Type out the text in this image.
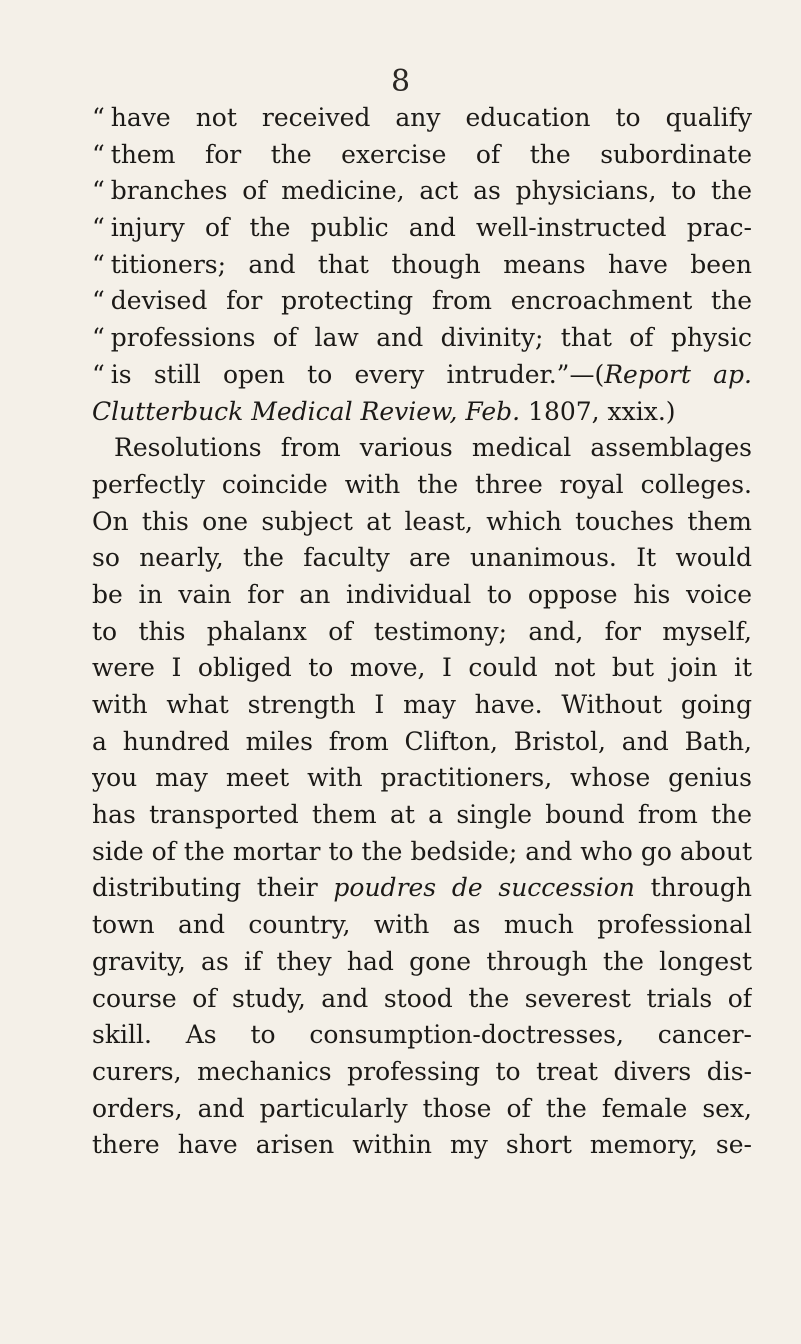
8
“ have not received any education to qualify
“ them for the exercise of the subordinate
“ branches of medicine, act as physicians, to the
“ injury of the public and well-instructed prac-
“ titioners; and that though means have been
“ devised for protecting from encroachment the
“ professions of law and divinity; that of physic
“ is still open to every intruder.”—(Report ap.
Clutterbuck Medical Review, Feb. 1807, xxix.)
Resolutions from various medical assemblages
perfectly coincide with the three royal colleges.
On this one subject at least, which touches them
so nearly, the faculty are unanimous. It would
be in vain for an individual to oppose his voice
to this phalanx of testimony; and, for myself,
were I obliged to move, I could not but join it
with what strength I may have. Without going
a hundred miles from Clifton, Bristol, and Bath,
you may meet with practitioners, whose genius
has transported them at a single bound from the
side of the mortar to the bedside; and who go about
distributing their poudres de succession through
town and country, with as much professional
gravity, as if they had gone through the longest
course of study, and stood the severest trials of
skill. As to consumption-doctresses, cancer-
curers, mechanics professing to treat divers dis-
orders, and particularly those of the female sex,
there have arisen within my short memory, se-
